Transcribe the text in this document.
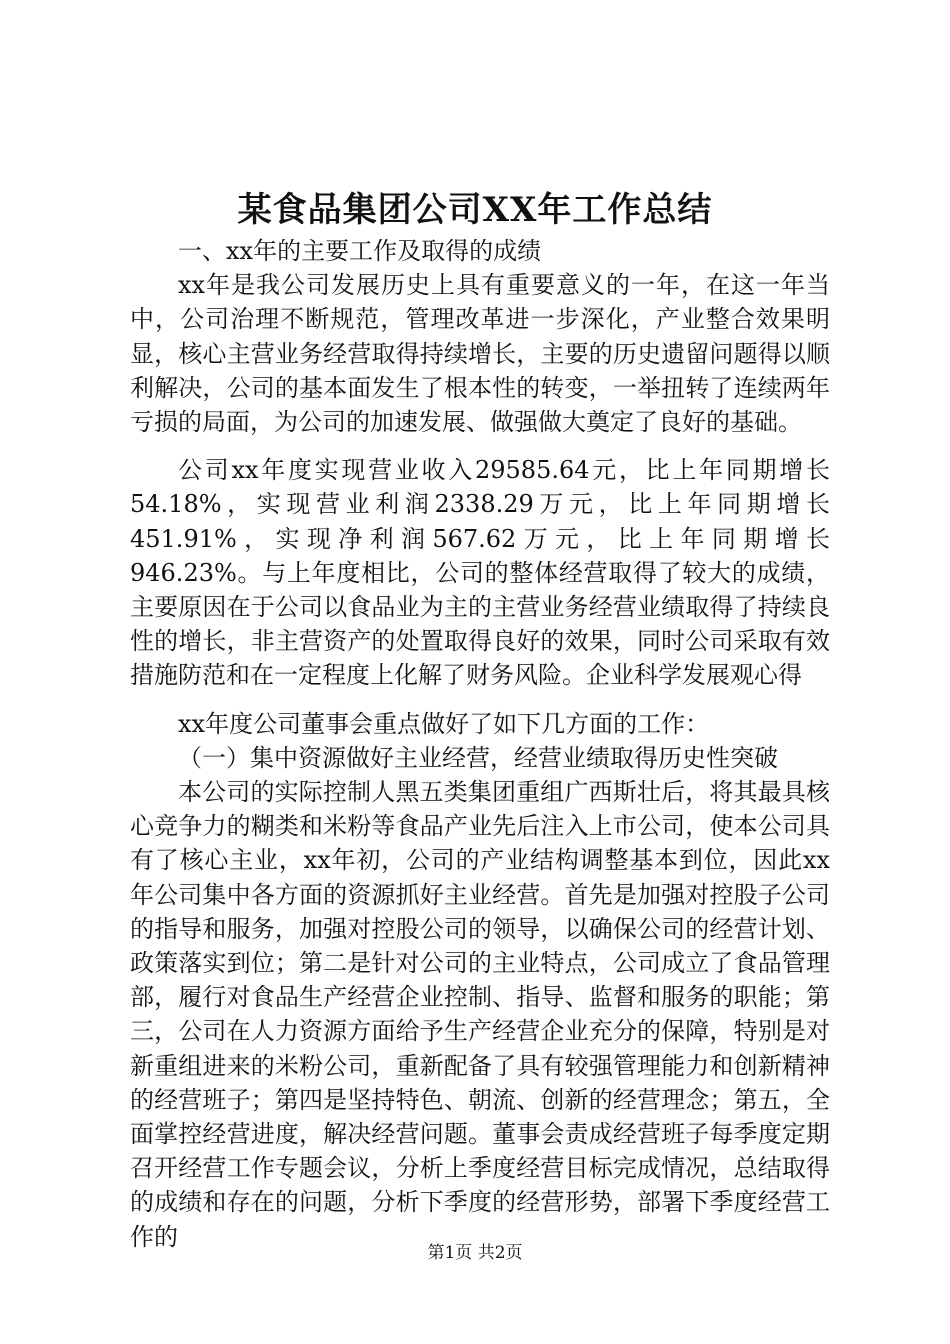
某食品集团公司XX年工作总结

一、xx年的主要工作及取得的成绩

xx年是我公司发展历史上具有重要意义的一年，在这一年当中，公司治理不断规范，管理改革进一步深化，产业整合效果明显，核心主营业务经营取得持续增长，主要的历史遗留问题得以顺利解决，公司的基本面发生了根本性的转变，一举扭转了连续两年亏损的局面，为公司的加速发展、做强做大奠定了良好的基础。

公司xx年度实现营业收入29585.64元，比上年同期增长54.18%，实现营业利润2338.29万元，比上年同期增长451.91%，实现净利润567.62万元，比上年同期增长946.23%。与上年度相比，公司的整体经营取得了较大的成绩，主要原因在于公司以食品业为主的主营业务经营业绩取得了持续良性的增长，非主营资产的处置取得良好的效果，同时公司采取有效措施防范和在一定程度上化解了财务风险。企业科学发展观心得

xx年度公司董事会重点做好了如下几方面的工作：

（一）集中资源做好主业经营，经营业绩取得历史性突破

本公司的实际控制人黑五类集团重组广西斯壮后，将其最具核心竞争力的糊类和米粉等食品产业先后注入上市公司，使本公司具有了核心主业，xx年初，公司的产业结构调整基本到位，因此xx年公司集中各方面的资源抓好主业经营。首先是加强对控股子公司的指导和服务，加强对控股公司的领导，以确保公司的经营计划、政策落实到位；第二是针对公司的主业特点，公司成立了食品管理部，履行对食品生产经营企业控制、指导、监督和服务的职能；第三，公司在人力资源方面给予生产经营企业充分的保障，特别是对新重组进来的米粉公司，重新配备了具有较强管理能力和创新精神的经营班子；第四是坚持特色、朝流、创新的经营理念；第五，全面掌控经营进度，解决经营问题。董事会责成经营班子每季度定期召开经营工作专题会议，分析上季度经营目标完成情况，总结取得的成绩和存在的问题，分析下季度的经营形势，部署下季度经营工作的

第1页 共2页
